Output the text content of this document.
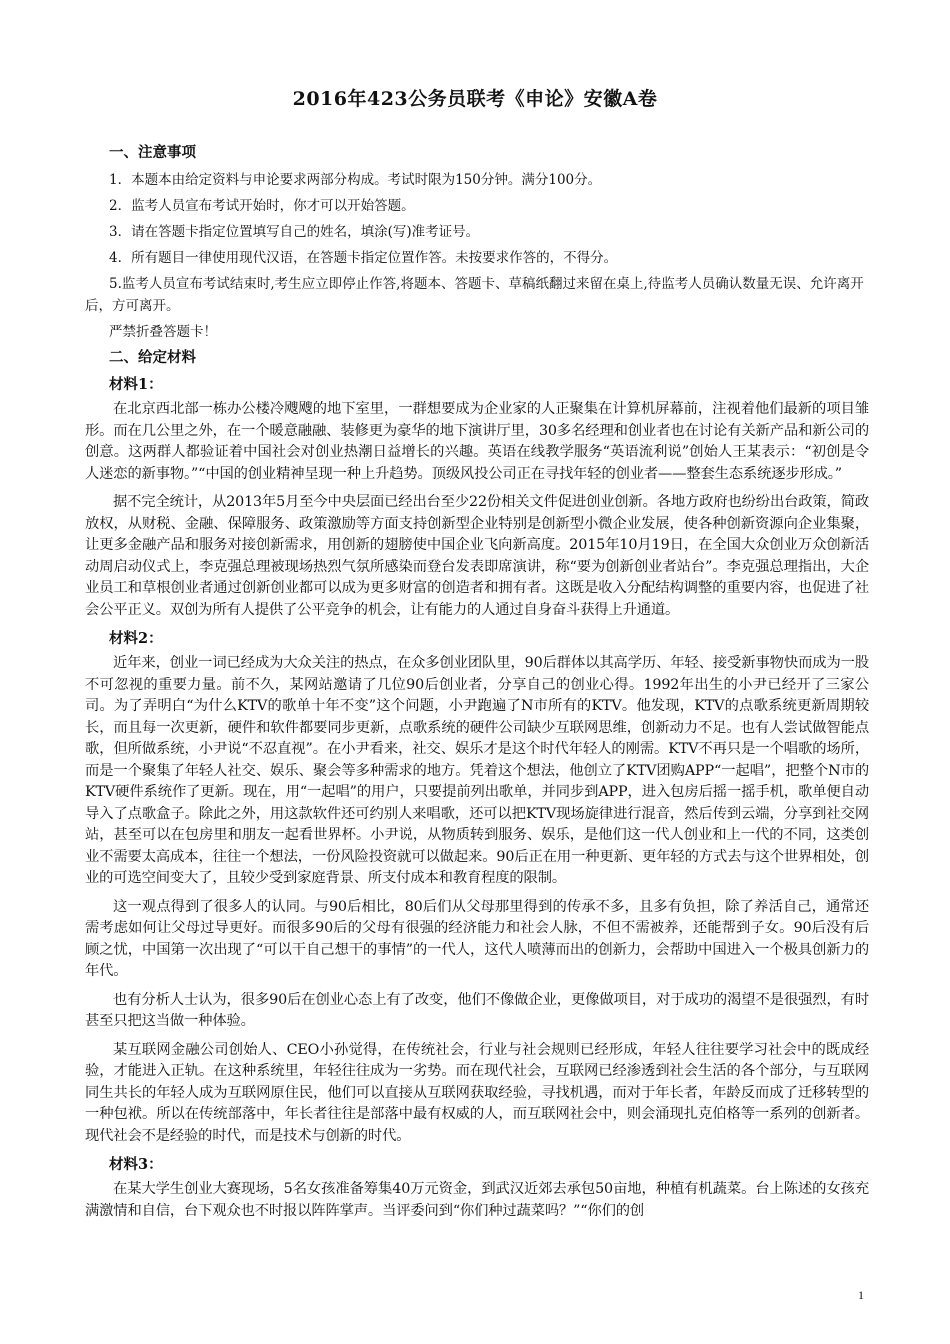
2016年423公务员联考《申论》安徽A卷
一、注意事项

1．本题本由给定资料与申论要求两部分构成。考试时限为150分钟。满分100分。

2．监考人员宣布考试开始时，你才可以开始答题。

3．请在答题卡指定位置填写自己的姓名，填涂(写)准考证号。

4．所有题目一律使用现代汉语，在答题卡指定位置作答。未按要求作答的，不得分。

5.监考人员宣布考试结束时,考生应立即停止作答,将题本、答题卡、草稿纸翻过来留在桌上,待监考人员确认数量无误、允许离开后，方可离开。

严禁折叠答题卡！

二、给定材料
材料1：

在北京西北部一栋办公楼冷飕飕的地下室里，一群想要成为企业家的人正聚集在计算机屏幕前，注视着他们最新的项目雏形。而在几公里之外，在一个暖意融融、装修更为豪华的地下演讲厅里，30多名经理和创业者也在讨论有关新产品和新公司的创意。这两群人都验证着中国社会对创业热潮日益增长的兴趣。英语在线教学服务“英语流利说”创始人王某表示：“初创是令人迷恋的新事物。”“中国的创业精神呈现一种上升趋势。顶级风投公司正在寻找年轻的创业者——整套生态系统逐步形成。”

据不完全统计，从2013年5月至今中央层面已经出台至少22份相关文件促进创业创新。各地方政府也纷纷出台政策，简政放权，从财税、金融、保障服务、政策激励等方面支持创新型企业特别是创新型小微企业发展，使各种创新资源向企业集聚，让更多金融产品和服务对接创新需求，用创新的翅膀使中国企业飞向新高度。2015年10月19日，在全国大众创业万众创新活动周启动仪式上，李克强总理被现场热烈气氛所感染而登台发表即席演讲，称“要为创新创业者站台”。李克强总理指出，大企业员工和草根创业者通过创新创业都可以成为更多财富的创造者和拥有者。这既是收入分配结构调整的重要内容，也促进了社会公平正义。双创为所有人提供了公平竞争的机会，让有能力的人通过自身奋斗获得上升通道。

材料2：

近年来，创业一词已经成为大众关注的热点，在众多创业团队里，90后群体以其高学历、年轻、接受新事物快而成为一股不可忽视的重要力量。前不久，某网站邀请了几位90后创业者，分享自己的创业心得。1992年出生的小尹已经开了三家公司。为了弄明白“为什么KTV的歌单十年不变”这个问题，小尹跑遍了N市所有的KTV。他发现，KTV的点歌系统更新周期较长，而且每一次更新，硬件和软件都要同步更新，点歌系统的硬件公司缺少互联网思维，创新动力不足。也有人尝试做智能点歌，但所做系统，小尹说“不忍直视”。在小尹看来，社交、娱乐才是这个时代年轻人的刚需。KTV不再只是一个唱歌的场所，而是一个聚集了年轻人社交、娱乐、聚会等多种需求的地方。凭着这个想法，他创立了KTV团购APP“一起唱”，把整个N市的KTV硬件系统作了更新。现在，用“一起唱”的用户，只要提前列出歌单，并同步到APP，进入包房后摇一摇手机，歌单便自动导入了点歌盒子。除此之外，用这款软件还可约别人来唱歌，还可以把KTV现场旋律进行混音，然后传到云端，分享到社交网站，甚至可以在包房里和朋友一起看世界杯。小尹说，从物质转到服务、娱乐，是他们这一代人创业和上一代的不同，这类创业不需要太高成本，往往一个想法，一份风险投资就可以做起来。90后正在用一种更新、更年轻的方式去与这个世界相处，创业的可选空间变大了，且较少受到家庭背景、所支付成本和教育程度的限制。

这一观点得到了很多人的认同。与90后相比，80后们从父母那里得到的传承不多，且多有负担，除了养活自己，通常还需考虑如何让父母过导更好。而很多90后的父母有很强的经济能力和社会人脉，不但不需被养，还能帮到子女。90后没有后顾之忧，中国第一次出现了“可以干自己想干的事情”的一代人，这代人喷薄而出的创新力，会帮助中国进入一个极具创新力的年代。

也有分析人士认为，很多90后在创业心态上有了改变，他们不像做企业，更像做项目，对于成功的渴望不是很强烈，有时甚至只把这当做一种体验。

某互联网金融公司创始人、CEO小孙觉得，在传统社会，行业与社会规则已经形成，年轻人往往要学习社会中的既成经验，才能进入正轨。在这种系统里，年轻往往成为一劣势。而在现代社会，互联网已经渗透到社会生活的各个部分，与互联网同生共长的年轻人成为互联网原住民，他们可以直接从互联网获取经验，寻找机遇，而对于年长者，年龄反而成了迁移转型的一种包袱。所以在传统部落中，年长者往往是部落中最有权威的人，而互联网社会中，则会涌现扎克伯格等一系列的创新者。现代社会不是经验的时代，而是技术与创新的时代。

材料3：

在某大学生创业大赛现场，5名女孩准备筹集40万元资金，到武汉近郊去承包50亩地，种植有机蔬菜。台上陈述的女孩充满激情和自信，台下观众也不时报以阵阵掌声。当评委问到“你们种过蔬菜吗？”“你们的创

1
